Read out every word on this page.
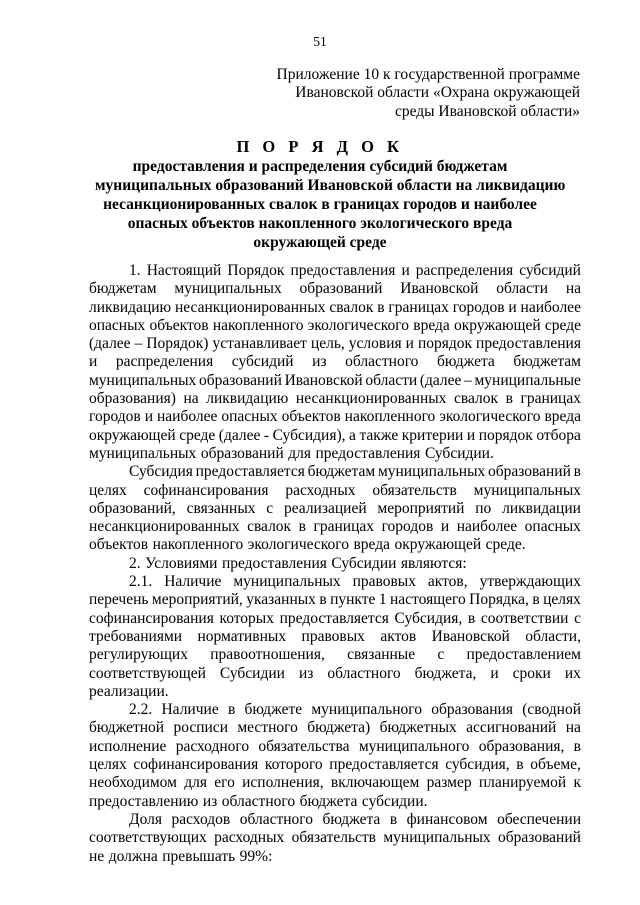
51
Приложение 10 к государственной программе
Ивановской области «Охрана окружающей
среды Ивановской области»
П О Р Я Д О К
предоставления и распределения субсидий бюджетам
муниципальных образований Ивановской области на ликвидацию
несанкционированных свалок в границах городов и наиболее
опасных объектов накопленного экологического вреда
окружающей среде
1. Настоящий Порядок предоставления и распределения субсидий
бюджетам муниципальных образований Ивановской области на
ликвидацию несанкционированных свалок в границах городов и наиболее
опасных объектов накопленного экологического вреда окружающей среде
(далее – Порядок) устанавливает цель, условия и порядок предоставления
и распределения субсидий из областного бюджета бюджетам
муниципальных образований Ивановской области (далее – муниципальные
образования) на ликвидацию несанкционированных свалок в границах
городов и наиболее опасных объектов накопленного экологического вреда
окружающей среде (далее - Субсидия), а также критерии и порядок отбора
муниципальных образований для предоставления Субсидии.
Субсидия предоставляется бюджетам муниципальных образований в
целях софинансирования расходных обязательств муниципальных
образований, связанных с реализацией мероприятий по ликвидации
несанкционированных свалок в границах городов и наиболее опасных
объектов накопленного экологического вреда окружающей среде.
2. Условиями предоставления Субсидии являются:
2.1. Наличие муниципальных правовых актов, утверждающих
перечень мероприятий, указанных в пункте 1 настоящего Порядка, в целях
софинансирования которых предоставляется Субсидия, в соответствии с
требованиями нормативных правовых актов Ивановской области,
регулирующих правоотношения, связанные с предоставлением
соответствующей Субсидии из областного бюджета, и сроки их
реализации.
2.2. Наличие в бюджете муниципального образования (сводной
бюджетной росписи местного бюджета) бюджетных ассигнований на
исполнение расходного обязательства муниципального образования, в
целях софинансирования которого предоставляется субсидия, в объеме,
необходимом для его исполнения, включающем размер планируемой к
предоставлению из областного бюджета субсидии.
Доля расходов областного бюджета в финансовом обеспечении
соответствующих расходных обязательств муниципальных образований
не должна превышать 99%:
